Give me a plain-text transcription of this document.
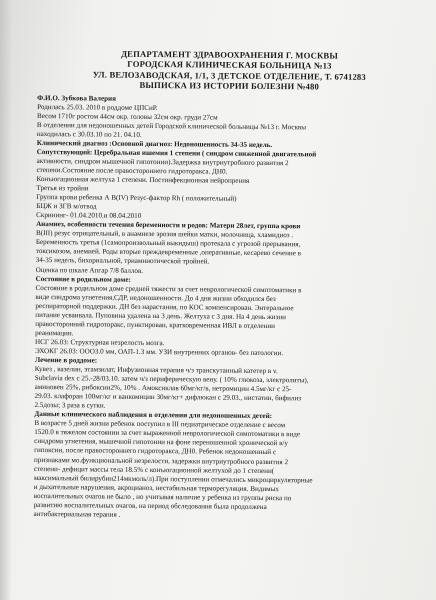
ДЕПАРТАМЕНТ ЗДРАВООХРАНЕНИЯ Г. МОСКВЫ
ГОРОДСКАЯ КЛИНИЧЕСКАЯ БОЛЬНИЦА №13
УЛ. ВЕЛОЗАВОДСКАЯ, 1/1, 3 ДЕТСКОЕ ОТДЕЛЕНИЕ, Т. 6741283
ВЫПИСКА ИЗ ИСТОРИИ БОЛЕЗНИ №480
Ф.И.О. Зубкова Валерия
Родилась 25.03. 2010 в роддоме ЦПСиР.
Весом 1710г ростом 44см окр. головы 32см окр. груди 27см
В отделении для недоношенных детей Городской клинической больницы №13 г. Москвы
находилась с 30.03.10 по 21. 04.10.
Клинический диагноз :Основной диагноз: Недоношенность 34-35 недель.
Сопутствующий: Церебральная ишемия 1 степени ( синдром сниженной двигательной
активности, синдром мышечной гипотонии).Задержка внутриутробного развития 2
степени.Состояние после правостороннего гидроторакса. ДН0.
Конъюгационная желтуха 1 степени. Постинфекционная нейропрения
Третья из тройни
Группа крови ребенка А В(IV) Резус-фактор Rh ( положительный)
БЦЖ и ЗГВ м/отвод
Скрининг- 01.04.2010.и 08.04.2010
Анамнез, особенности течения беременности и родов: Матери 28лет, группа крови
В(III) резус отрицательный, в анамнезе эрозия шейки матки, молочница, хламидиоз .
Беременность третья (1самопроизвольный выкидыш) протекала с угрозой прерывания,
токсикозом, анемией. Роды вторые преждевременные ,оперативные, кесарево сечение в
34-35 недель, бихориальной, триамниотической тройней.
Оценка по шкале Апгар 7/8 баллов.
Состояние в родильном доме:
Состояние в родильном доме средней тяжести за счет неврологической симптоматики в
виде синдрома угнетения,СДР, недоношенности. До 4 дня жизни обходился без
респираторной поддержки. ДН без нарастания, по КОС компенсирован. Энтеральное
питание усваивала. Пуповина удалена на 3 день. Желтуха с 3 дня. На 4 день жизни
правосторонний гидроторакс, пунктирован, кратковременная ИВЛ в отделении
реанимации.
НСГ 26.03: Структурная незрелость мозга.
ЭХОКГ 26.03: ООО3.0 мм, ОАП-1.3 мм. УЗИ внутренних органов- без патологии.
Лечение в роддоме:
Кувез , вазелин, этамзилат, Инфузионная терапия ч/з транскутанный катетер в v.
Subclavia dex с 25.-28/03.10. затем ч/з периферическую вену. ( 10% глюкоза, электролиты),
аминовен 25%, рибоксин2%, 10% . Амоксиклав 60мг/кг/в, нетромицин 4.5мг/кг с 25-
29.03. клафоран 100мг/кг и ванкомицин 30мг/кг+ дифлюкан с 29.03., нистатин, бифилиз
2.5дозы; 3 раза в сутки.
Данные клинического наблюдения в отделении для недоношенных детей:
В возрасте 5 дней жизни ребенок поступил в III педиатрическое отделение с весом
1520.0 в тяжелом состоянии за счет выраженной неврологической симптоматики в виде
синдрома угнетения, мышечной гипотонии на фоне переношенной хронической в/у
гипоксии, после правостороннего гидроторакса, ДН0. Ребенок недоношенный с
признаками мо.функциональной незрелости, задержки внутриутробного развития 2
степени- дефицит массы тела 18.5% с конъюгационной желтухой до 1 степени(
максимальный билирубин214мкмоль/л).При поступлении отмечались микроциркуляторные
и дыхательные нарушения, акроцианоз, нестабильная терморегуляция. Видимых
воспалительных очагов не было , но учитывая наличие у ребенка из группы риска по
развитию воспалительных очагов, на период обследования была продолжена
антибактериальная терапия .
